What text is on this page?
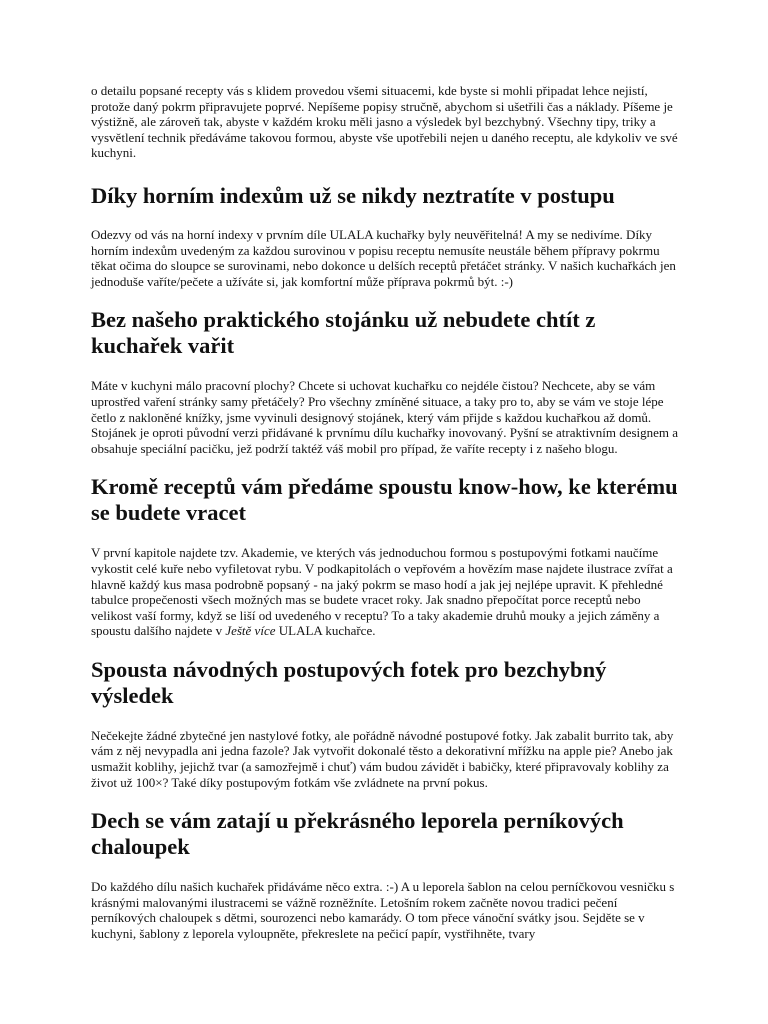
o detailu popsané recepty vás s klidem provedou všemi situacemi, kde byste si mohli připadat lehce nejistí, protože daný pokrm připravujete poprvé. Nepíšeme popisy stručně, abychom si ušetřili čas a náklady. Píšeme je výstižně, ale zároveň tak, abyste v každém kroku měli jasno a výsledek byl bezchybný. Všechny tipy, triky a vysvětlení technik předáváme takovou formou, abyste vše upotřebili nejen u daného receptu, ale kdykoliv ve své kuchyni.

Díky horním indexům už se nikdy neztratíte v postupu

Odezvy od vás na horní indexy v prvním díle ULALA kuchařky byly neuvěřitelná! A my se nedivíme. Díky horním indexům uvedeným za každou surovinou v popisu receptu nemusíte neustále během přípravy pokrmu těkat očima do sloupce se surovinami, nebo dokonce u delších receptů přetáčet stránky. V našich kuchařkách jen jednoduše vaříte/pečete a užíváte si, jak komfortní může příprava pokrmů být. :-)

Bez našeho praktického stojánku už nebudete chtít z kuchařek vařit

Máte v kuchyni málo pracovní plochy? Chcete si uchovat kuchařku co nejdéle čistou? Nechcete, aby se vám uprostřed vaření stránky samy přetáčely? Pro všechny zmíněné situace, a taky pro to, aby se vám ve stoje lépe četlo z nakloněné knížky, jsme vyvinuli designový stojánek, který vám přijde s každou kuchařkou až domů. Stojánek je oproti původní verzi přidávané k prvnímu dílu kuchařky inovovaný. Pyšní se atraktivním designem a obsahuje speciální pacičku, jež podrží taktéž váš mobil pro případ, že vaříte recepty i z našeho blogu.

Kromě receptů vám předáme spoustu know-how, ke kterému se budete vracet

V první kapitole najdete tzv. Akademie, ve kterých vás jednoduchou formou s postupovými fotkami naučíme vykostit celé kuře nebo vyfiletovat rybu. V podkapitolách o vepřovém a hovězím mase najdete ilustrace zvířat a hlavně každý kus masa podrobně popsaný - na jaký pokrm se maso hodí a jak jej nejlépe upravit. K přehledné tabulce propečenosti všech možných mas se budete vracet roky. Jak snadno přepočítat porce receptů nebo velikost vaší formy, když se liší od uvedeného v receptu? To a taky akademie druhů mouky a jejich záměny a spoustu dalšího najdete v Ještě více ULALA kuchařce.

Spousta návodných postupových fotek pro bezchybný výsledek

Nečekejte žádné zbytečné jen nastylové fotky, ale pořádně návodné postupové fotky. Jak zabalit burrito tak, aby vám z něj nevypadla ani jedna fazole? Jak vytvořit dokonalé těsto a dekorativní mřížku na apple pie? Anebo jak usmažit koblihy, jejichž tvar (a samozřejmě i chuť) vám budou závidět i babičky, které připravovaly koblihy za život už 100×? Také díky postupovým fotkám vše zvládnete na první pokus.

Dech se vám zatají u překrásného leporela perníkových chaloupek

Do každého dílu našich kuchařek přidáváme něco extra. :-) A u leporela šablon na celou perníčkovou vesničku s krásnými malovanými ilustracemi se vážně rozněžníte. Letošním rokem začněte novou tradici pečení perníkových chaloupek s dětmi, sourozenci nebo kamarády. O tom přece vánoční svátky jsou. Sejděte se v kuchyni, šablony z leporela vyloupněte, překreslete na pečicí papír, vystřihněte, tvary
